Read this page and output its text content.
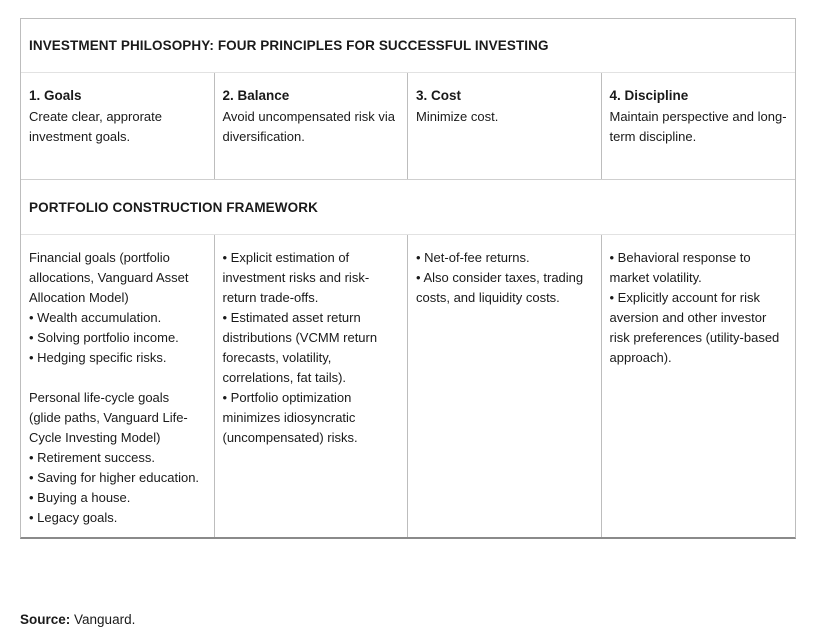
INVESTMENT PHILOSOPHY: FOUR PRINCIPLES FOR SUCCESSFUL INVESTING
1. Goals
Create clear, approrate investment goals.
2. Balance
Avoid uncompensated risk via diversification.
3. Cost
Minimize cost.
4. Discipline
Maintain perspective and long-term discipline.
PORTFOLIO CONSTRUCTION FRAMEWORK
Financial goals (portfolio
allocations, Vanguard Asset
Allocation Model)
• Wealth accumulation.
• Solving portfolio income.
• Hedging specific risks.
Personal life-cycle goals
(glide paths, Vanguard Life-
Cycle Investing Model)
• Retirement success.
• Saving for higher education.
• Buying a house.
• Legacy goals.
• Explicit estimation of
investment risks and risk-
return trade-offs.
• Estimated asset return
distributions (VCMM return
forecasts, volatility,
correlations, fat tails).
• Portfolio optimization
minimizes idiosyncratic
(uncompensated) risks.
• Net-of-fee returns.
• Also consider taxes, trading
costs, and liquidity costs.
• Behavioral response to
market volatility.
• Explicitly account for risk
aversion and other investor
risk preferences (utility-based
approach).
Source: Vanguard.
